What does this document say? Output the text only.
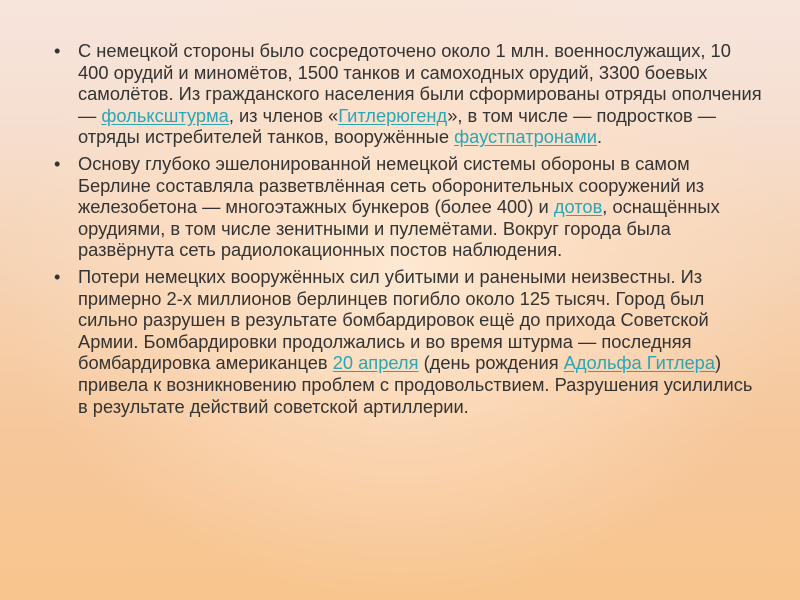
• С немецкой стороны было сосредоточено около 1 млн. военнослужащих, 10 400 орудий и миномётов, 1500 танков и самоходных орудий, 3300 боевых самолётов. Из гражданского населения были сформированы отряды ополчения — фольксштурма, из членов «Гитлерюгенд», в том числе — подростков — отряды истребителей танков, вооружённые фаустпатронами.
• Основу глубоко эшелонированной немецкой системы обороны в самом Берлине составляла разветвлённая сеть оборонительных сооружений из железобетона — многоэтажных бункеров (более 400) и дотов, оснащённых орудиями, в том числе зенитными и пулемётами. Вокруг города была развёрнута сеть радиолокационных постов наблюдения.
• Потери немецких вооружённых сил убитыми и ранеными неизвестны. Из примерно 2-х миллионов берлинцев погибло около 125 тысяч. Город был сильно разрушен в результате бомбардировок ещё до прихода Советской Армии. Бомбардировки продолжались и во время штурма — последняя бомбардировка американцев 20 апреля (день рождения Адольфа Гитлера) привела к возникновению проблем с продовольствием. Разрушения усилились в результате действий советской артиллерии.
